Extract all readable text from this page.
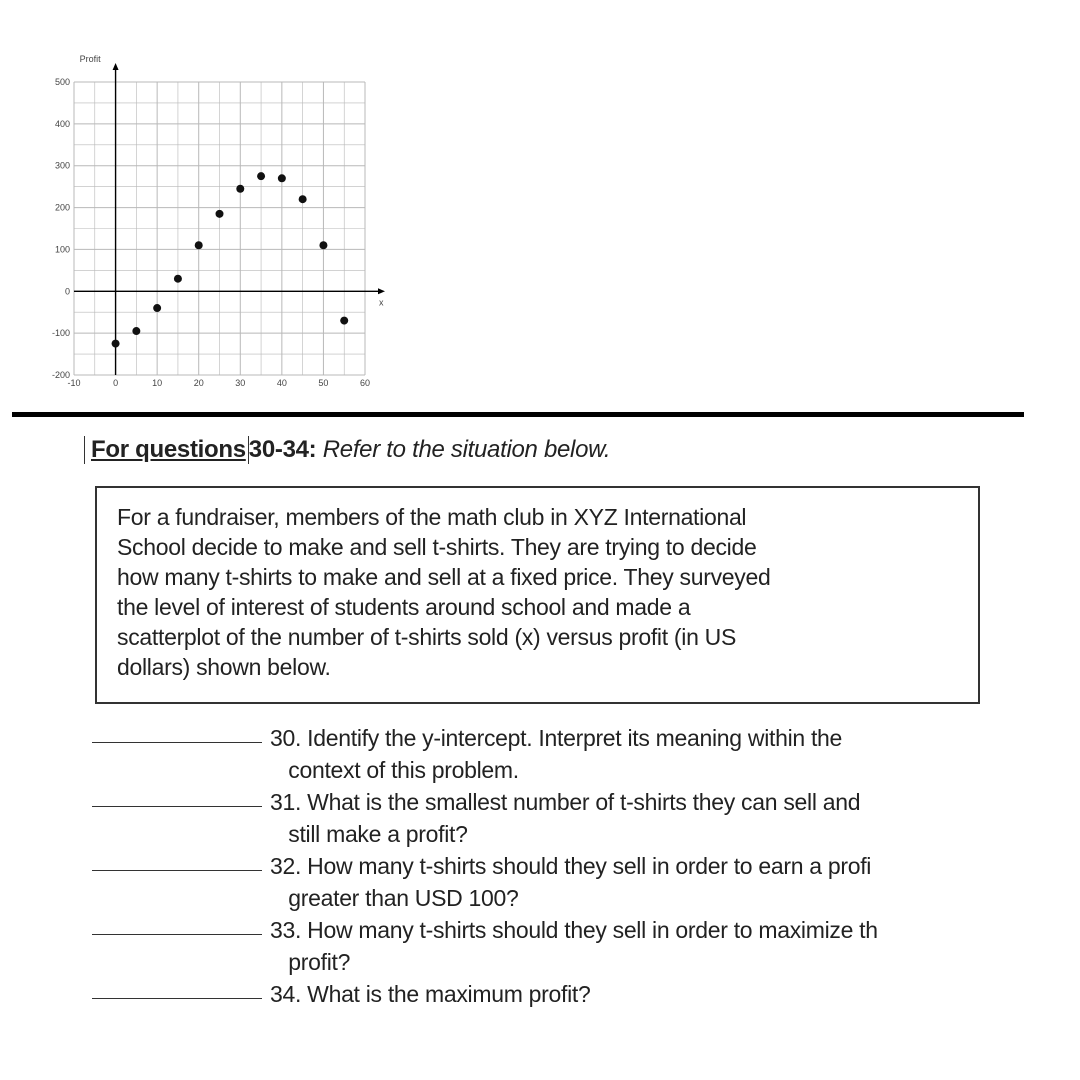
-10	0	10	20	30	40	50	60
500
400
300
200
100
0
-100
-200
Profit
x
For questions 30-34: Refer to the situation below.
For a fundraiser, members of the math club in XYZ International
School decide to make and sell t-shirts. They are trying to decide
how many t-shirts to make and sell at a fixed price. They surveyed
the level of interest of students around school and made a
scatterplot of the number of t-shirts sold (x) versus profit (in US
dollars) shown below.
30. Identify the y-intercept. Interpret its meaning within the
context of this problem.
31. What is the smallest number of t-shirts they can sell and
still make a profit?
32. How many t-shirts should they sell in order to earn a profi
greater than USD 100?
33. How many t-shirts should they sell in order to maximize th
profit?
34. What is the maximum profit?
